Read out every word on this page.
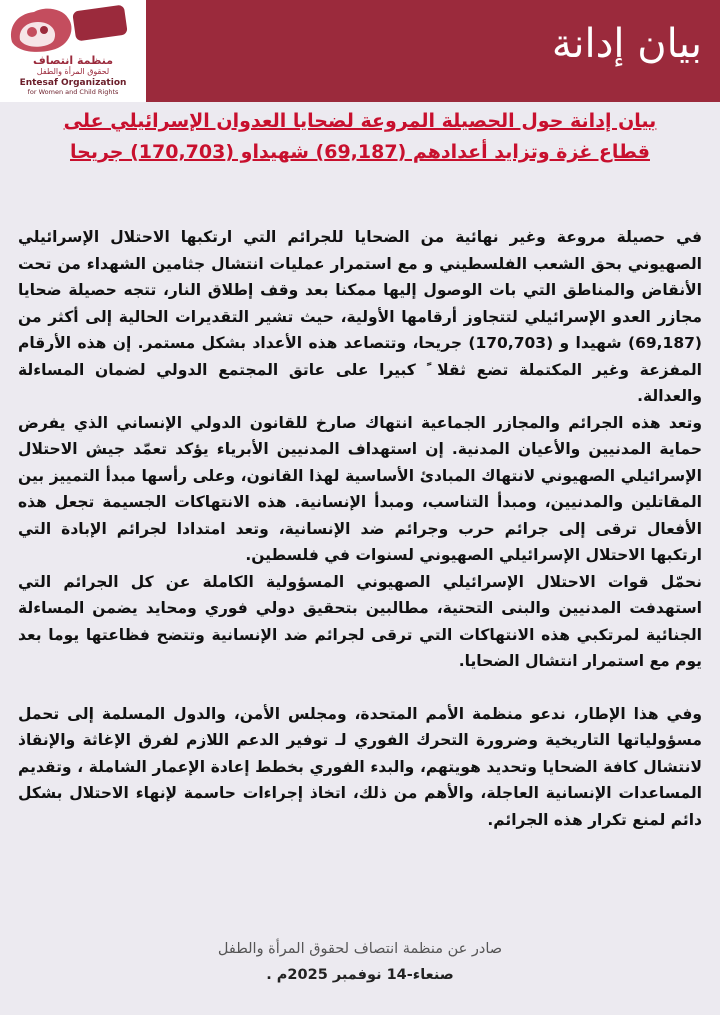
منظمة انتصاف
لحقوق المرأة والطفل
Entesaf Organization
for Women and Child Rights
بيان إدانة
بيان إدانة حول الحصيلة المروعة لضحايا العدوان الإسرائيلي على قطاع غزة وتزايد أعدادهم (69,187) شهيداو (170,703) جريحا

في حصيلة مروعة وغير نهائية من الضحايا للجرائم التي ارتكبها الاحتلال الإسرائيلي الصهيوني بحق الشعب الفلسطيني و مع استمرار عمليات انتشال جثامين الشهداء من تحت الأنقاض والمناطق التي بات الوصول إليها ممكنا بعد وقف إطلاق النار، تتجه حصيلة ضحايا مجازر العدو الإسرائيلي لتتجاوز أرقامها الأولية، حيث تشير التقديرات الحالية إلى أكثر من (69,187) شهيدا و (170,703) جريحا، وتتصاعد هذه الأعداد بشكل مستمر. إن هذه الأرقام المفزعة وغير المكتملة تضع ثقلا ً كبيرا على عاتق المجتمع الدولي لضمان المساءلة والعدالة.

وتعد هذه الجرائم والمجازر الجماعية انتهاك صارخ للقانون الدولي الإنساني الذي يفرض حماية المدنيين والأعيان المدنية. إن استهداف المدنيين الأبرياء يؤكد تعمّد جيش الاحتلال الإسرائيلي الصهيوني لانتهاك المبادئ الأساسية لهذا القانون، وعلى رأسها مبدأ التمييز بين المقاتلين والمدنيين، ومبدأ التناسب، ومبدأ الإنسانية. هذه الانتهاكات الجسيمة تجعل هذه الأفعال ترقى إلى جرائم حرب وجرائم ضد الإنسانية، وتعد امتدادا لجرائم الإبادة التي ارتكبها الاحتلال الإسرائيلي الصهيوني لسنوات في فلسطين.

نحمّل قوات الاحتلال الإسرائيلي الصهيوني المسؤولية الكاملة عن كل الجرائم التي استهدفت المدنيين والبنى التحتية، مطالبين بتحقيق دولي فوري ومحايد يضمن المساءلة الجنائية لمرتكبي هذه الانتهاكات التي ترقى لجرائم ضد الإنسانية وتتضح فظاعتها يوما بعد يوم مع استمرار انتشال الضحايا.

وفي هذا الإطار، ندعو منظمة الأمم المتحدة، ومجلس الأمن، والدول المسلمة إلى تحمل مسؤولياتها التاريخية وضرورة التحرك الفوري لـ توفير الدعم اللازم لفرق الإغاثة والإنقاذ لانتشال كافة الضحايا وتحديد هويتهم، والبدء الفوري بخطط إعادة الإعمار الشاملة ، وتقديم المساعدات الإنسانية العاجلة، والأهم من ذلك، اتخاذ إجراءات حاسمة لإنهاء الاحتلال بشكل دائم لمنع تكرار هذه الجرائم.

صادر عن منظمة انتصاف لحقوق المرأة والطفل
صنعاء-14 نوفمبر 2025م .
